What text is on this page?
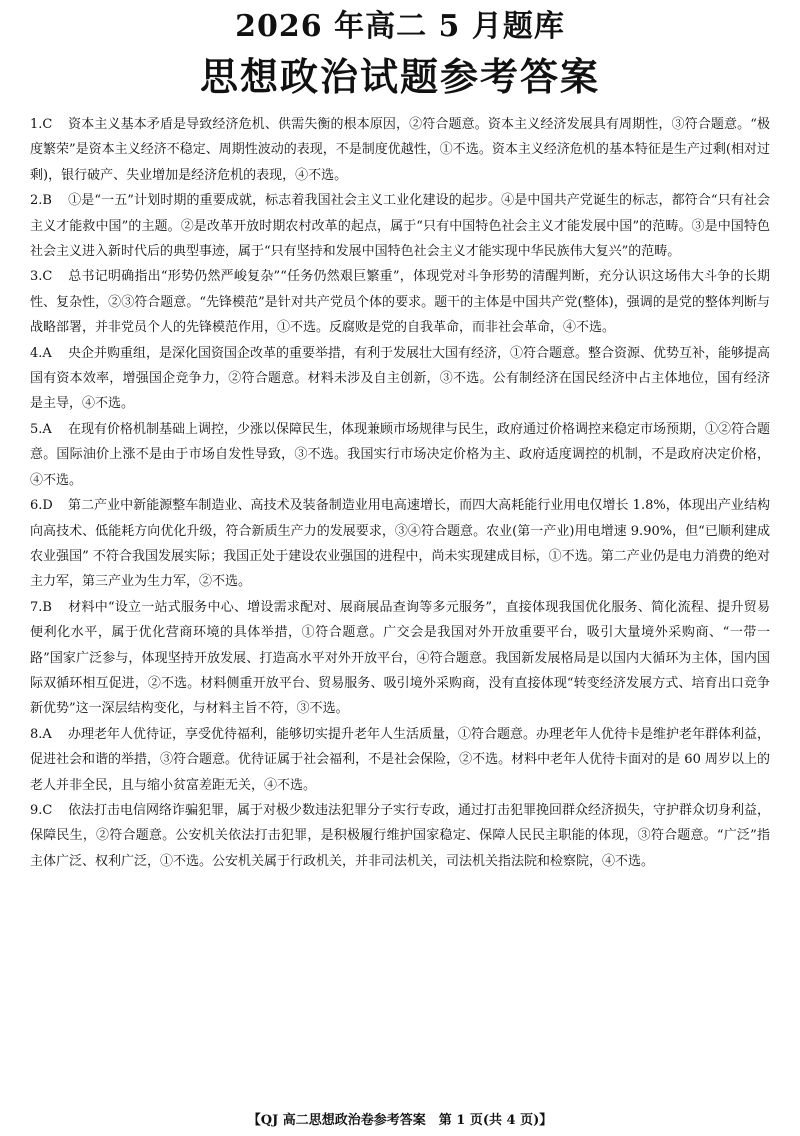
2026 年高二 5 月题库
思想政治试题参考答案

1.C 资本主义基本矛盾是导致经济危机、供需失衡的根本原因，②符合题意。资本主义经济发展具有周期性，③符合题意。“极度繁荣”是资本主义经济不稳定、周期性波动的表现，不是制度优越性，①不选。资本主义经济危机的基本特征是生产过剩(相对过剩)，银行破产、失业增加是经济危机的表现，④不选。

2.B ①是“一五”计划时期的重要成就，标志着我国社会主义工业化建设的起步。④是中国共产党诞生的标志，都符合“只有社会主义才能救中国”的主题。②是改革开放时期农村改革的起点，属于“只有中国特色社会主义才能发展中国”的范畴。③是中国特色社会主义进入新时代后的典型事迹，属于“只有坚持和发展中国特色社会主义才能实现中华民族伟大复兴”的范畴。

3.C 总书记明确指出“形势仍然严峻复杂”“任务仍然艰巨繁重”，体现党对斗争形势的清醒判断，充分认识这场伟大斗争的长期性、复杂性，②③符合题意。“先锋模范”是针对共产党员个体的要求。题干的主体是中国共产党(整体)，强调的是党的整体判断与战略部署，并非党员个人的先锋模范作用，①不选。反腐败是党的自我革命，而非社会革命，④不选。

4.A 央企并购重组，是深化国资国企改革的重要举措，有利于发展壮大国有经济，①符合题意。整合资源、优势互补，能够提高国有资本效率，增强国企竞争力，②符合题意。材料未涉及自主创新，③不选。公有制经济在国民经济中占主体地位，国有经济是主导，④不选。

5.A 在现有价格机制基础上调控，少涨以保障民生，体现兼顾市场规律与民生，政府通过价格调控来稳定市场预期，①②符合题意。国际油价上涨不是由于市场自发性导致，③不选。我国实行市场决定价格为主、政府适度调控的机制，不是政府决定价格，④不选。

6.D 第二产业中新能源整车制造业、高技术及装备制造业用电高速增长，而四大高耗能行业用电仅增长 1.8%，体现出产业结构向高技术、低能耗方向优化升级，符合新质生产力的发展要求，③④符合题意。农业(第一产业)用电增速 9.90%，但“已顺利建成农业强国” 不符合我国发展实际；我国正处于建设农业强国的进程中，尚未实现建成目标，①不选。第二产业仍是电力消费的绝对主力军，第三产业为生力军，②不选。

7.B 材料中“设立一站式服务中心、增设需求配对、展商展品查询等多元服务”，直接体现我国优化服务、简化流程、提升贸易便利化水平，属于优化营商环境的具体举措，①符合题意。广交会是我国对外开放重要平台，吸引大量境外采购商、“一带一路”国家广泛参与，体现坚持开放发展、打造高水平对外开放平台，④符合题意。我国新发展格局是以国内大循环为主体，国内国际双循环相互促进，②不选。材料侧重开放平台、贸易服务、吸引境外采购商，没有直接体现“转变经济发展方式、培育出口竞争新优势”这一深层结构变化，与材料主旨不符，③不选。

8.A 办理老年人优待证，享受优待福利，能够切实提升老年人生活质量，①符合题意。办理老年人优待卡是维护老年群体利益，促进社会和谐的举措，③符合题意。优待证属于社会福利，不是社会保险，②不选。材料中老年人优待卡面对的是 60 周岁以上的老人并非全民，且与缩小贫富差距无关，④不选。

9.C 依法打击电信网络诈骗犯罪，属于对极少数违法犯罪分子实行专政，通过打击犯罪挽回群众经济损失，守护群众切身利益，保障民生，②符合题意。公安机关依法打击犯罪，是积极履行维护国家稳定、保障人民民主职能的体现，③符合题意。“广泛”指主体广泛、权利广泛，①不选。公安机关属于行政机关，并非司法机关，司法机关指法院和检察院，④不选。

【QJ 高二思想政治卷参考答案　第 1 页(共 4 页)】
